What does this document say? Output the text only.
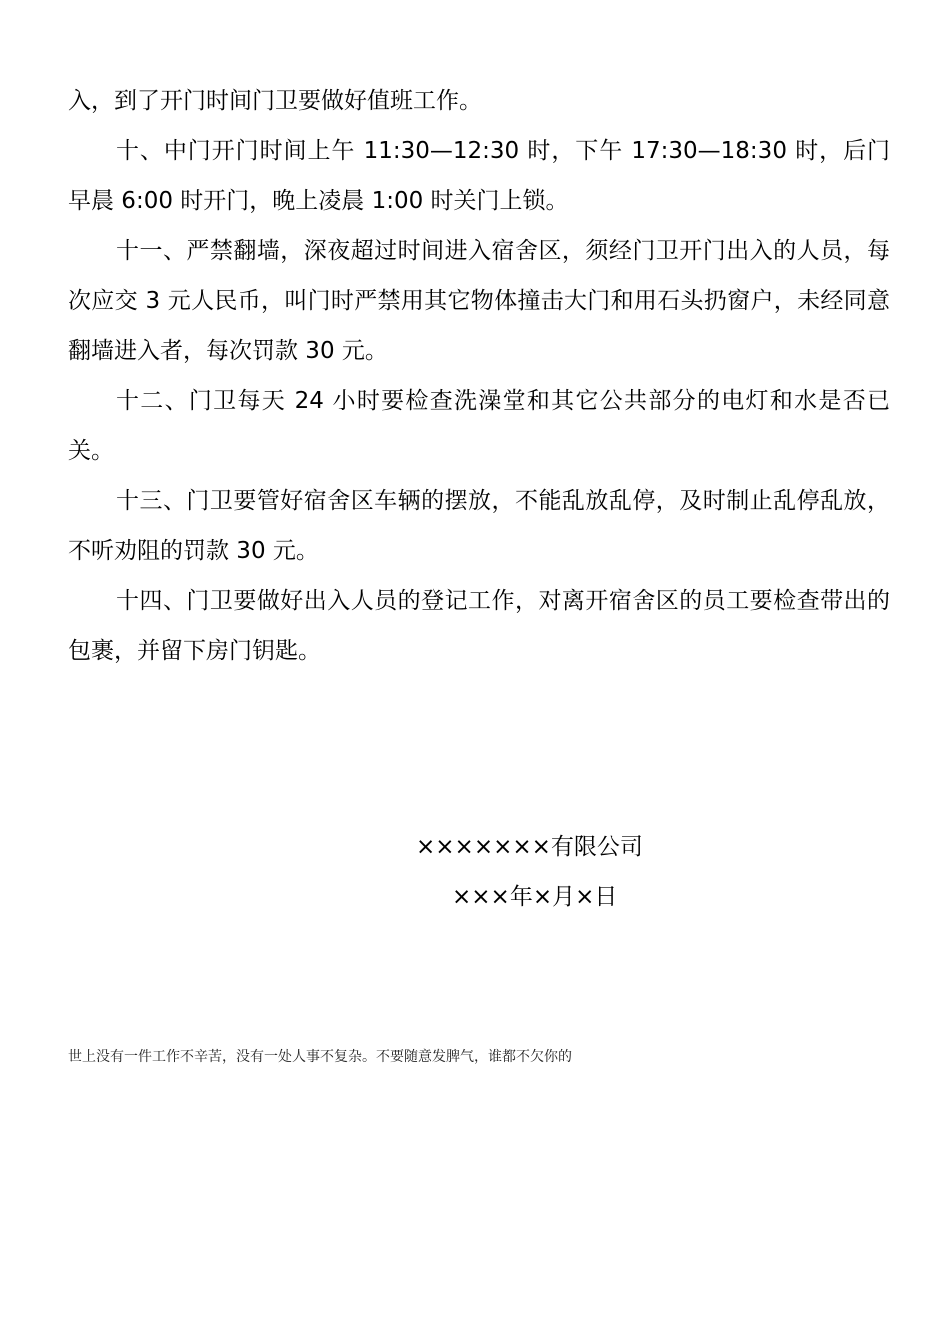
入，到了开门时间门卫要做好值班工作。

十、中门开门时间上午 11:30—12:30 时，下午 17:30—18:30 时，后门早晨 6:00 时开门，晚上凌晨 1:00 时关门上锁。

十一、严禁翻墙，深夜超过时间进入宿舍区，须经门卫开门出入的人员，每次应交 3 元人民币，叫门时严禁用其它物体撞击大门和用石头扔窗户，未经同意翻墙进入者，每次罚款 30 元。

十二、门卫每天 24 小时要检查洗澡堂和其它公共部分的电灯和水是否已关。

十三、门卫要管好宿舍区车辆的摆放，不能乱放乱停，及时制止乱停乱放，不听劝阻的罚款 30 元。

十四、门卫要做好出入人员的登记工作，对离开宿舍区的员工要检查带出的包裹，并留下房门钥匙。

×××××××有限公司

×××年×月×日

世上没有一件工作不辛苦，没有一处人事不复杂。不要随意发脾气，谁都不欠你的
